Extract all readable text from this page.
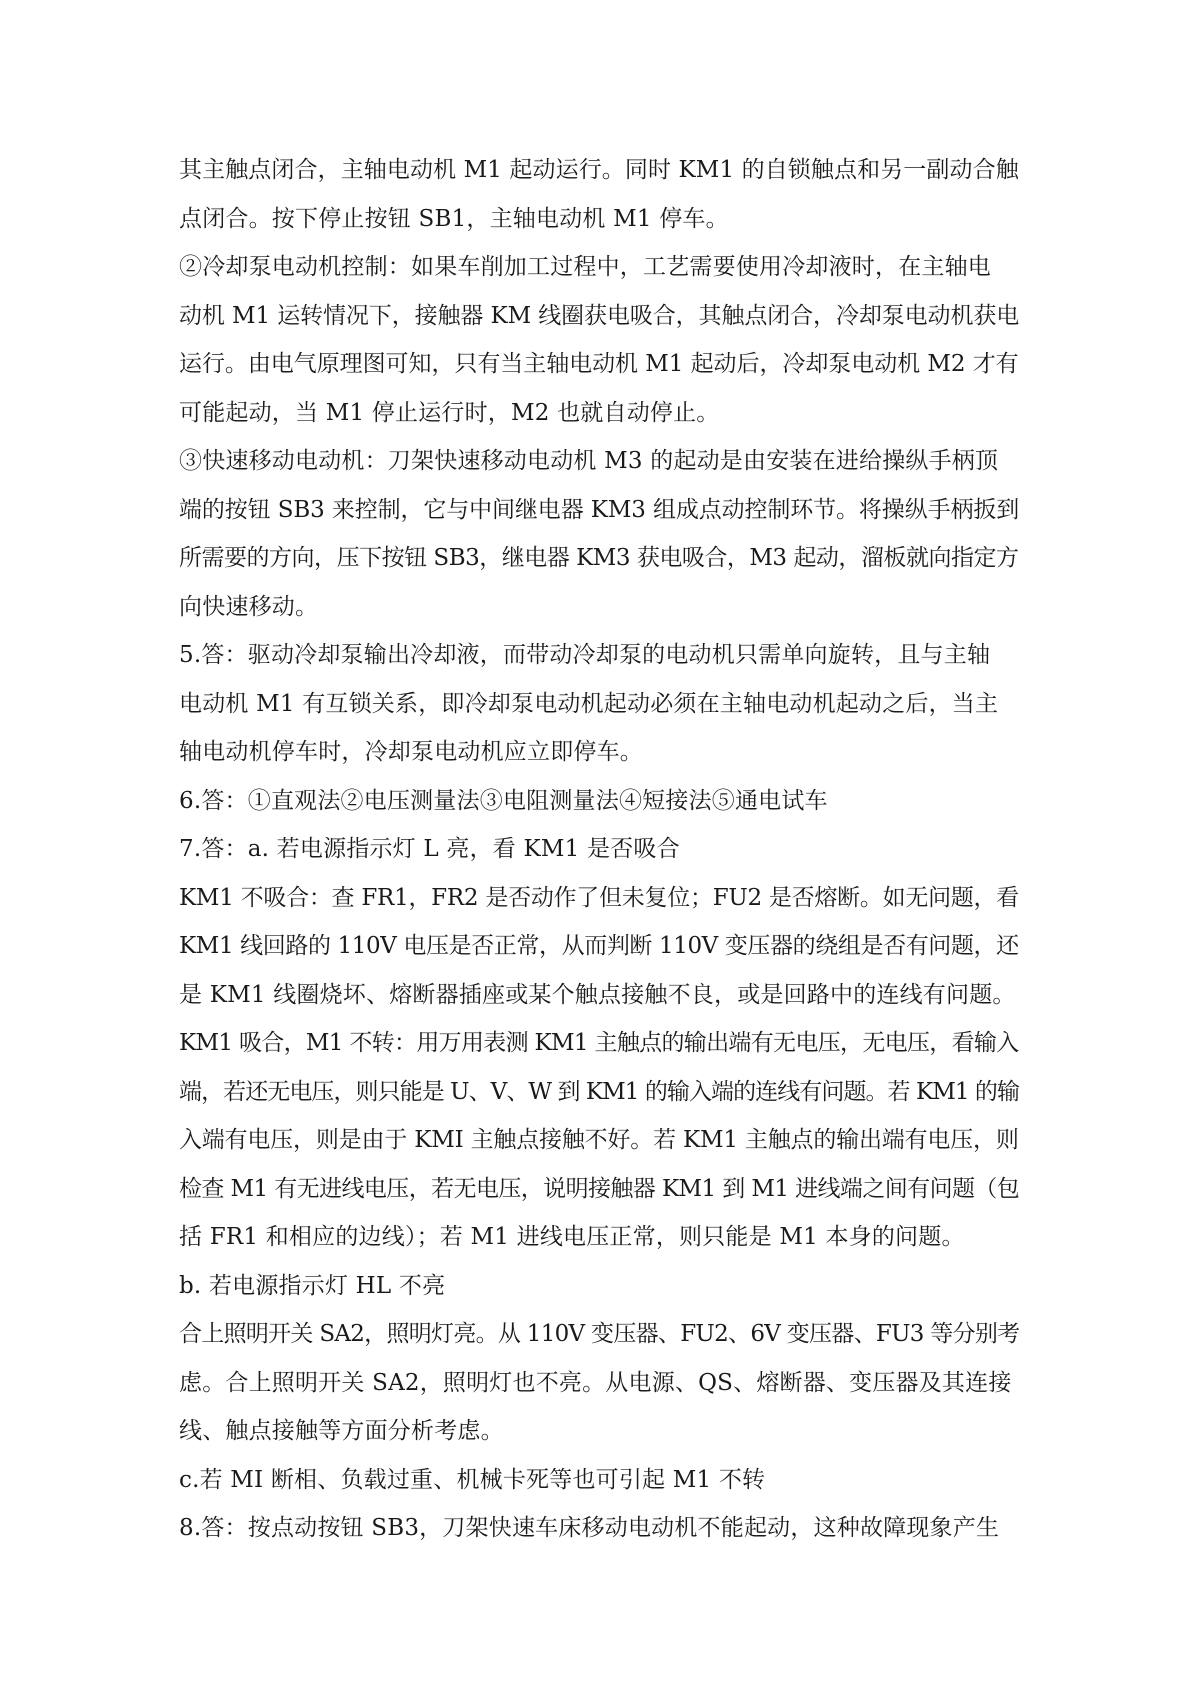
其主触点闭合，主轴电动机 M1 起动运行。同时 KM1 的自锁触点和另一副动合触
点闭合。按下停止按钮 SB1，主轴电动机 M1 停车。
②冷却泵电动机控制：如果车削加工过程中，工艺需要使用冷却液时，在主轴电
动机 M1 运转情况下，接触器 KM 线圈获电吸合，其触点闭合，冷却泵电动机获电
运行。由电气原理图可知，只有当主轴电动机 M1 起动后，冷却泵电动机 M2 才有
可能起动，当 M1 停止运行时，M2 也就自动停止。
③快速移动电动机：刀架快速移动电动机 M3 的起动是由安装在进给操纵手柄顶
端的按钮 SB3 来控制，它与中间继电器 KM3 组成点动控制环节。将操纵手柄扳到
所需要的方向，压下按钮 SB3，继电器 KM3 获电吸合，M3 起动，溜板就向指定方
向快速移动。
5.答：驱动冷却泵输出冷却液，而带动冷却泵的电动机只需单向旋转，且与主轴
电动机 M1 有互锁关系，即冷却泵电动机起动必须在主轴电动机起动之后，当主
轴电动机停车时，冷却泵电动机应立即停车。
6.答：①直观法②电压测量法③电阻测量法④短接法⑤通电试车
7.答：a. 若电源指示灯 L 亮，看 KM1 是否吸合
KM1 不吸合：查 FR1，FR2 是否动作了但未复位；FU2 是否熔断。如无问题，看
KM1 线回路的 110V 电压是否正常，从而判断 110V 变压器的绕组是否有问题，还
是 KM1 线圈烧坏、熔断器插座或某个触点接触不良，或是回路中的连线有问题。
KM1 吸合，M1 不转：用万用表测 KM1 主触点的输出端有无电压，无电压，看输入
端，若还无电压，则只能是 U、V、W 到 KM1 的输入端的连线有问题。若 KM1 的输
入端有电压，则是由于 KMI 主触点接触不好。若 KM1 主触点的输出端有电压，则
检查 M1 有无进线电压，若无电压，说明接触器 KM1 到 M1 进线端之间有问题（包
括 FR1 和相应的边线）；若 M1 进线电压正常，则只能是 M1 本身的问题。
b. 若电源指示灯 HL 不亮
合上照明开关 SA2，照明灯亮。从 110V 变压器、FU2、6V 变压器、FU3 等分别考
虑。合上照明开关 SA2，照明灯也不亮。从电源、QS、熔断器、变压器及其连接
线、触点接触等方面分析考虑。
c.若 MI 断相、负载过重、机械卡死等也可引起 M1 不转
8.答：按点动按钮 SB3，刀架快速车床移动电动机不能起动，这种故障现象产生
